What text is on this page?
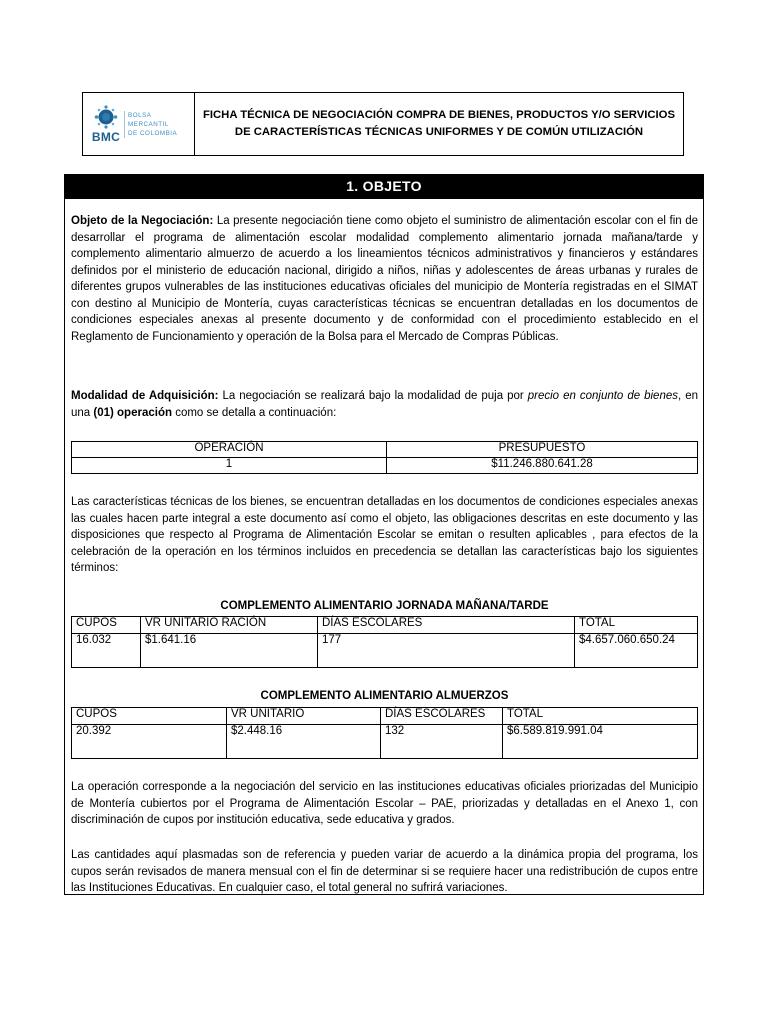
BMC
BOLSA
MERCANTIL
DE COLOMBIA
FICHA TÉCNICA DE NEGOCIACIÓN COMPRA DE BIENES, PRODUCTOS Y/O SERVICIOS
DE CARACTERÍSTICAS TÉCNICAS UNIFORMES Y DE COMÚN UTILIZACIÓN
1. OBJETO

Objeto de la Negociación: La presente negociación tiene como objeto el suministro de alimentación escolar con el fin de desarrollar el programa de alimentación escolar modalidad complemento alimentario jornada mañana/tarde y complemento alimentario almuerzo de acuerdo a los lineamientos técnicos administrativos y financieros y estándares definidos por el ministerio de educación nacional, dirigido a niños, niñas y adolescentes de áreas urbanas y rurales de diferentes grupos vulnerables de las instituciones educativas oficiales del municipio de Montería registradas en el SIMAT con destino al Municipio de Montería, cuyas características técnicas se encuentran detalladas en los documentos de condiciones especiales anexas al presente documento y de conformidad con el procedimiento establecido en el Reglamento de Funcionamiento y operación de la Bolsa para el Mercado de Compras Públicas.

Modalidad de Adquisición: La negociación se realizará bajo la modalidad de puja por precio en conjunto de bienes, en una (01) operación como se detalla a continuación:

OPERACIÓN	PRESUPUESTO
1	$11.246.880.641.28

Las características técnicas de los bienes, se encuentran detalladas en los documentos de condiciones especiales anexas las cuales hacen parte integral a este documento así como el objeto, las obligaciones descritas en este documento y las disposiciones que respecto al Programa de Alimentación Escolar se emitan o resulten aplicables , para efectos de la celebración de la operación en los términos incluidos en precedencia se detallan las características bajo los siguientes términos:

COMPLEMENTO ALIMENTARIO JORNADA MAÑANA/TARDE
CUPOS	VR UNITARIO RACIÓN	DÍAS ESCOLARES	TOTAL
16.032	$1.641.16	177	$4.657.060.650.24
COMPLEMENTO ALIMENTARIO ALMUERZOS
CUPOS	VR UNITARIO	DÍAS ESCOLARES	TOTAL
20.392	$2.448.16	132	$6.589.819.991.04

La operación corresponde a la negociación del servicio en las instituciones educativas oficiales priorizadas del Municipio de Montería cubiertos por el Programa de Alimentación Escolar – PAE, priorizadas y detalladas en el Anexo 1, con discriminación de cupos por institución educativa, sede educativa y grados.

Las cantidades aquí plasmadas son de referencia y pueden variar de acuerdo a la dinámica propia del programa, los cupos serán revisados de manera mensual con el fin de determinar si se requiere hacer una redistribución de cupos entre las Instituciones Educativas. En cualquier caso, el total general no sufrirá variaciones.
